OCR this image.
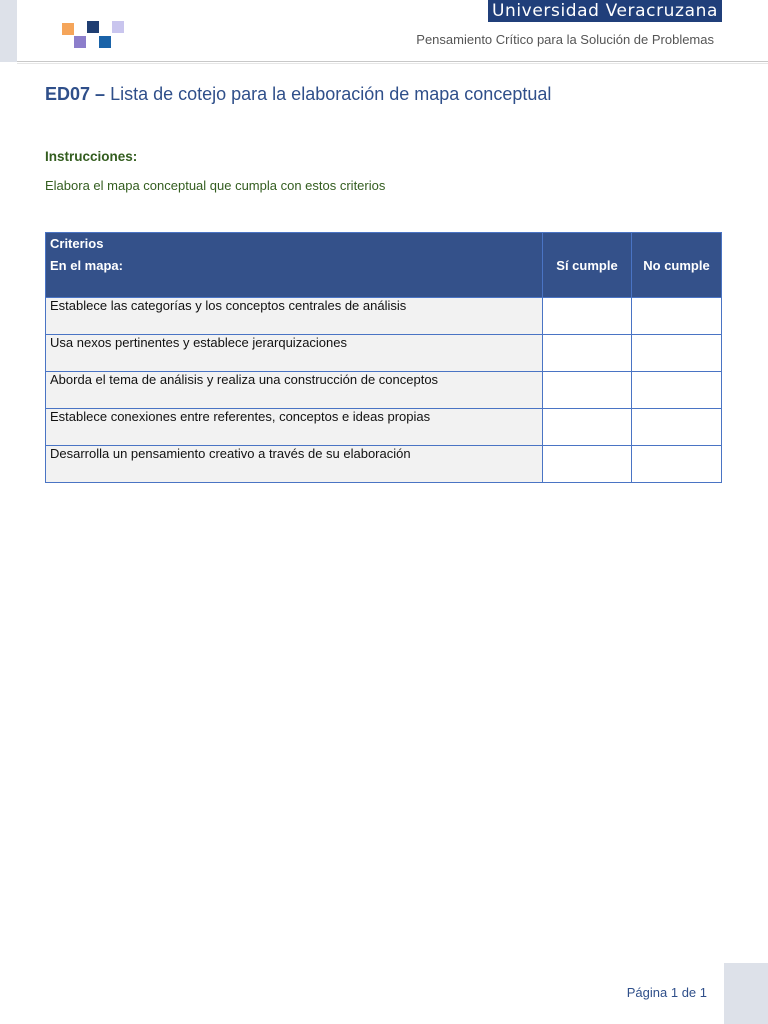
Universidad Veracruzana
Pensamiento Crítico para la Solución de Problemas
ED07 – Lista de cotejo para la elaboración de mapa conceptual
Instrucciones:
Elabora el mapa conceptual que cumpla con estos criterios
Criterios
En el mapa:	Sí cumple	No cumple
Establece las categorías y los conceptos centrales de análisis		
Usa nexos pertinentes y establece jerarquizaciones		
Aborda el tema de análisis y realiza una construcción de conceptos		
Establece conexiones entre referentes, conceptos e ideas propias		
Desarrolla un pensamiento creativo a través de su elaboración		
Página 1 de 1
